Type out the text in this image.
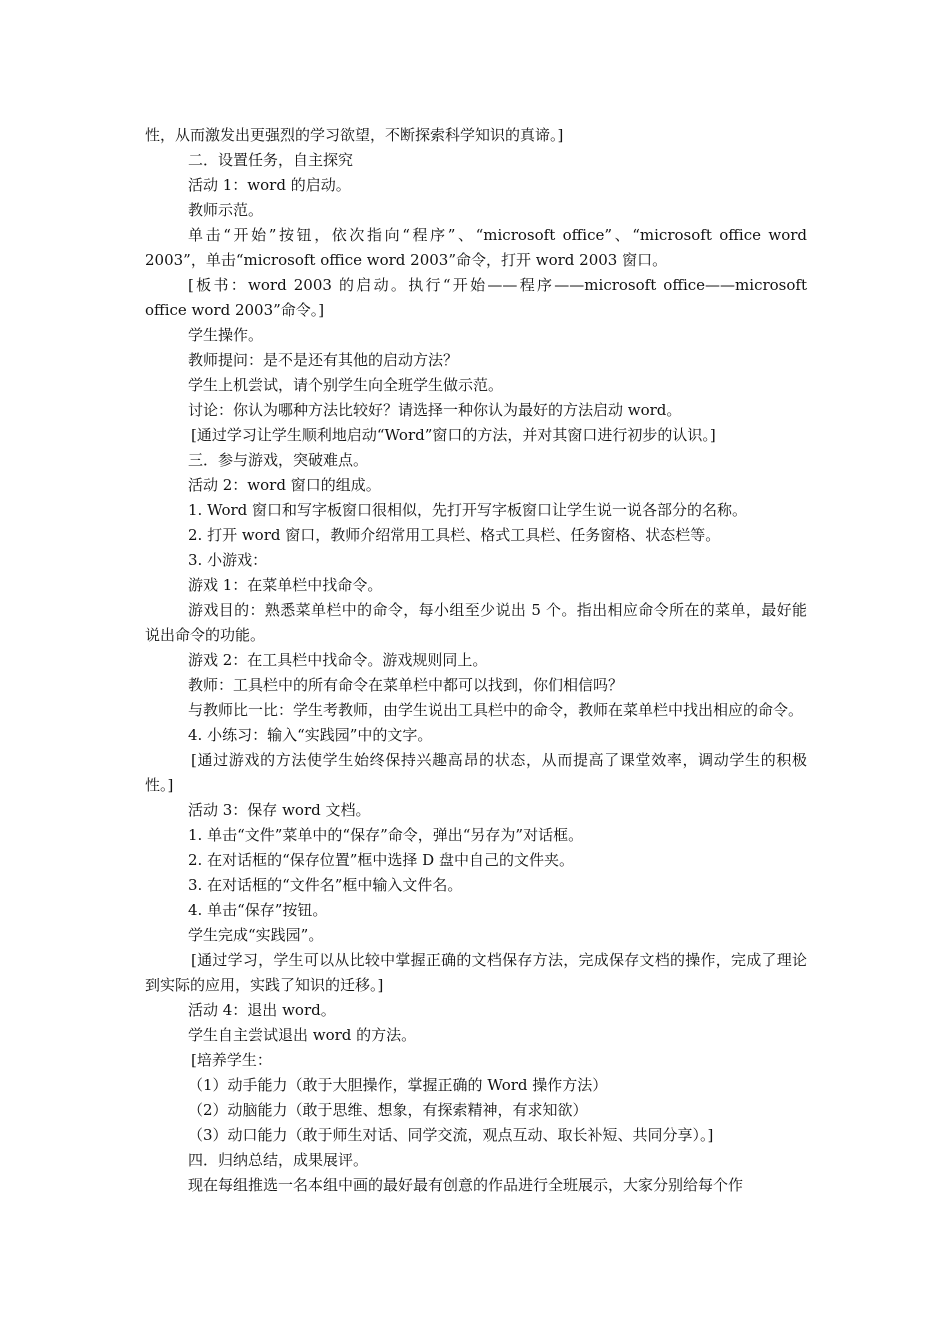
性，从而激发出更强烈的学习欲望，不断探索科学知识的真谛。]

二．设置任务，自主探究

活动 1：word 的启动。

教师示范。

单击“开始”按钮，依次指向“程序”、“microsoft office”、“microsoft office word 2003”，单击“microsoft office word 2003”命令，打开 word 2003 窗口。

[板书：word 2003 的启动。执行“开始——程序——microsoft office——microsoft office word 2003”命令。]

学生操作。

教师提问：是不是还有其他的启动方法？

学生上机尝试，请个别学生向全班学生做示范。

讨论：你认为哪种方法比较好？请选择一种你认为最好的方法启动 word。

[通过学习让学生顺利地启动“Word”窗口的方法，并对其窗口进行初步的认识。]

三．参与游戏，突破难点。

活动 2：word 窗口的组成。

1. Word 窗口和写字板窗口很相似，先打开写字板窗口让学生说一说各部分的名称。

2. 打开 word 窗口，教师介绍常用工具栏、格式工具栏、任务窗格、状态栏等。

3. 小游戏：

游戏 1：在菜单栏中找命令。

游戏目的：熟悉菜单栏中的命令，每小组至少说出 5 个。指出相应命令所在的菜单，最好能说出命令的功能。

游戏 2：在工具栏中找命令。游戏规则同上。

教师：工具栏中的所有命令在菜单栏中都可以找到，你们相信吗？

与教师比一比：学生考教师，由学生说出工具栏中的命令，教师在菜单栏中找出相应的命令。

4. 小练习：输入“实践园”中的文字。

[通过游戏的方法使学生始终保持兴趣高昂的状态，从而提高了课堂效率，调动学生的积极性。]

活动 3：保存 word 文档。

1. 单击“文件”菜单中的“保存”命令，弹出“另存为”对话框。

2. 在对话框的“保存位置”框中选择 D 盘中自己的文件夹。

3. 在对话框的“文件名”框中输入文件名。

4. 单击“保存”按钮。

学生完成“实践园”。

[通过学习，学生可以从比较中掌握正确的文档保存方法，完成保存文档的操作，完成了理论到实际的应用，实践了知识的迁移。]

活动 4：退出 word。

学生自主尝试退出 word 的方法。

[培养学生：

（1）动手能力（敢于大胆操作，掌握正确的 Word 操作方法）

（2）动脑能力（敢于思维、想象，有探索精神，有求知欲）

（3）动口能力（敢于师生对话、同学交流，观点互动、取长补短、共同分享）。]

四．归纳总结，成果展评。

现在每组推选一名本组中画的最好最有创意的作品进行全班展示，大家分别给每个作
